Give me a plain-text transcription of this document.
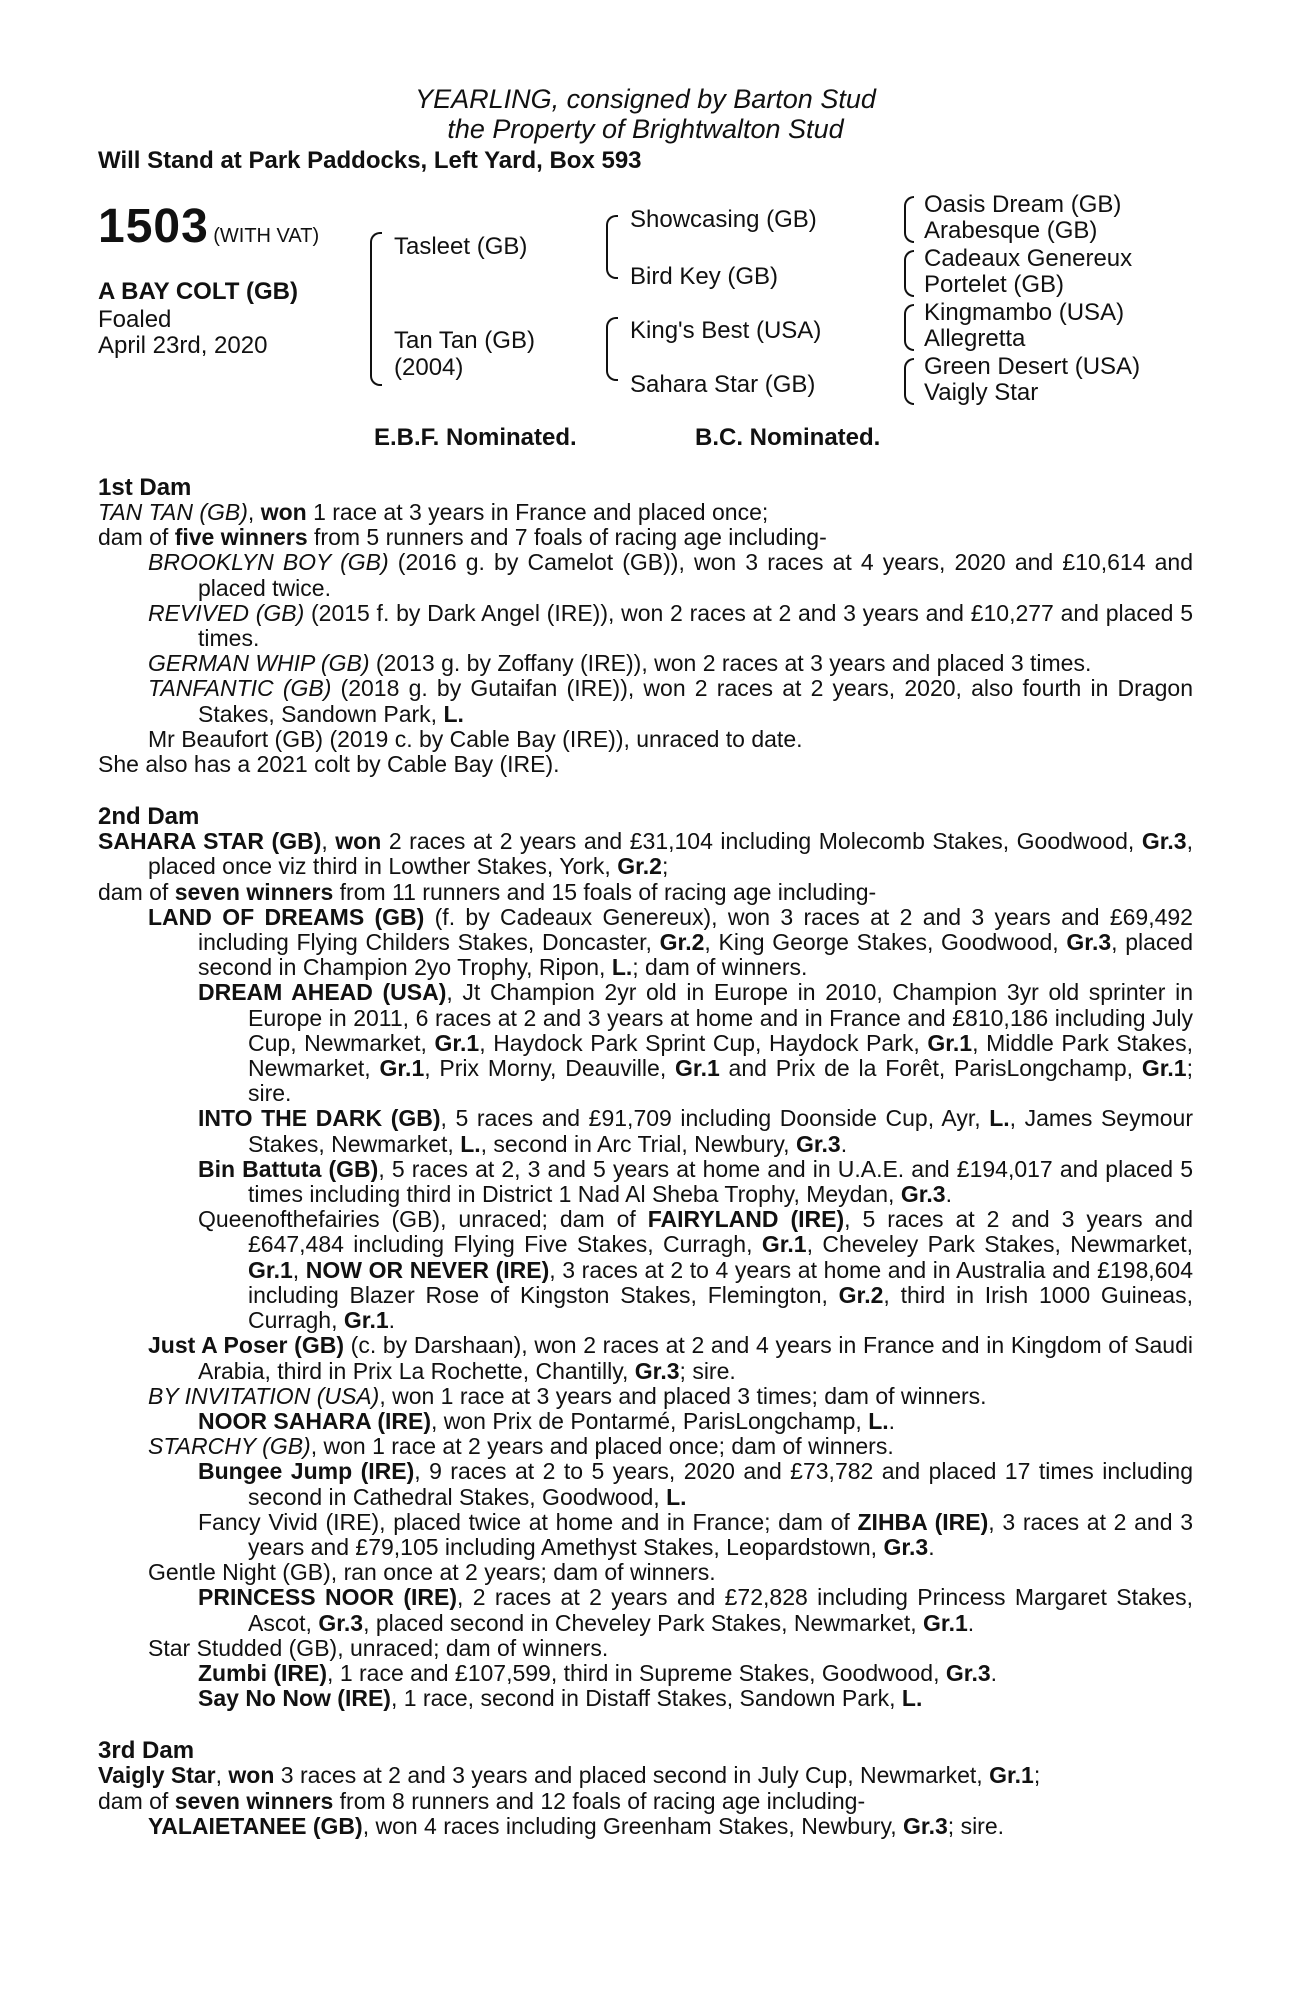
YEARLING, consigned by Barton Stud
the Property of Brightwalton Stud
Will Stand at Park Paddocks, Left Yard, Box 593
1503 (WITH VAT)
A BAY COLT (GB)
Foaled
April 23rd, 2020
Tasleet (GB)
Tan Tan (GB)
(2004)
Showcasing (GB)
Bird Key (GB)
King's Best (USA)
Sahara Star (GB)
Oasis Dream (GB)
Arabesque (GB)
Cadeaux Genereux
Portelet (GB)
Kingmambo (USA)
Allegretta
Green Desert (USA)
Vaigly Star
E.B.F. Nominated.	B.C. Nominated.
1st Dam

TAN TAN (GB), won 1 race at 3 years in France and placed once;

dam of five winners from 5 runners and 7 foals of racing age including-

BROOKLYN BOY (GB) (2016 g. by Camelot (GB)), won 3 races at 4 years, 2020 and £10,614 and placed twice.

REVIVED (GB) (2015 f. by Dark Angel (IRE)), won 2 races at 2 and 3 years and £10,277 and placed 5 times.

GERMAN WHIP (GB) (2013 g. by Zoffany (IRE)), won 2 races at 3 years and placed 3 times.

TANFANTIC (GB) (2018 g. by Gutaifan (IRE)), won 2 races at 2 years, 2020, also fourth in Dragon Stakes, Sandown Park, L.

Mr Beaufort (GB) (2019 c. by Cable Bay (IRE)), unraced to date.

She also has a 2021 colt by Cable Bay (IRE).

2nd Dam

SAHARA STAR (GB), won 2 races at 2 years and £31,104 including Molecomb Stakes, Goodwood, Gr.3, placed once viz third in Lowther Stakes, York, Gr.2;

dam of seven winners from 11 runners and 15 foals of racing age including-

LAND OF DREAMS (GB) (f. by Cadeaux Genereux), won 3 races at 2 and 3 years and £69,492 including Flying Childers Stakes, Doncaster, Gr.2, King George Stakes, Goodwood, Gr.3, placed second in Champion 2yo Trophy, Ripon, L.; dam of winners.

DREAM AHEAD (USA), Jt Champion 2yr old in Europe in 2010, Champion 3yr old sprinter in Europe in 2011, 6 races at 2 and 3 years at home and in France and £810,186 including July Cup, Newmarket, Gr.1, Haydock Park Sprint Cup, Haydock Park, Gr.1, Middle Park Stakes, Newmarket, Gr.1, Prix Morny, Deauville, Gr.1 and Prix de la Forêt, ParisLongchamp, Gr.1; sire.

INTO THE DARK (GB), 5 races and £91,709 including Doonside Cup, Ayr, L., James Seymour Stakes, Newmarket, L., second in Arc Trial, Newbury, Gr.3.

Bin Battuta (GB), 5 races at 2, 3 and 5 years at home and in U.A.E. and £194,017 and placed 5 times including third in District 1 Nad Al Sheba Trophy, Meydan, Gr.3.

Queenofthefairies (GB), unraced; dam of FAIRYLAND (IRE), 5 races at 2 and 3 years and £647,484 including Flying Five Stakes, Curragh, Gr.1, Cheveley Park Stakes, Newmarket, Gr.1, NOW OR NEVER (IRE), 3 races at 2 to 4 years at home and in Australia and £198,604 including Blazer Rose of Kingston Stakes, Flemington, Gr.2, third in Irish 1000 Guineas, Curragh, Gr.1.

Just A Poser (GB) (c. by Darshaan), won 2 races at 2 and 4 years in France and in Kingdom of Saudi Arabia, third in Prix La Rochette, Chantilly, Gr.3; sire.

BY INVITATION (USA), won 1 race at 3 years and placed 3 times; dam of winners.

NOOR SAHARA (IRE), won Prix de Pontarmé, ParisLongchamp, L..

STARCHY (GB), won 1 race at 2 years and placed once; dam of winners.

Bungee Jump (IRE), 9 races at 2 to 5 years, 2020 and £73,782 and placed 17 times including second in Cathedral Stakes, Goodwood, L.

Fancy Vivid (IRE), placed twice at home and in France; dam of ZIHBA (IRE), 3 races at 2 and 3 years and £79,105 including Amethyst Stakes, Leopardstown, Gr.3.

Gentle Night (GB), ran once at 2 years; dam of winners.

PRINCESS NOOR (IRE), 2 races at 2 years and £72,828 including Princess Margaret Stakes, Ascot, Gr.3, placed second in Cheveley Park Stakes, Newmarket, Gr.1.

Star Studded (GB), unraced; dam of winners.

Zumbi (IRE), 1 race and £107,599, third in Supreme Stakes, Goodwood, Gr.3.

Say No Now (IRE), 1 race, second in Distaff Stakes, Sandown Park, L.

3rd Dam

Vaigly Star, won 3 races at 2 and 3 years and placed second in July Cup, Newmarket, Gr.1;

dam of seven winners from 8 runners and 12 foals of racing age including-

YALAIETANEE (GB), won 4 races including Greenham Stakes, Newbury, Gr.3; sire.
